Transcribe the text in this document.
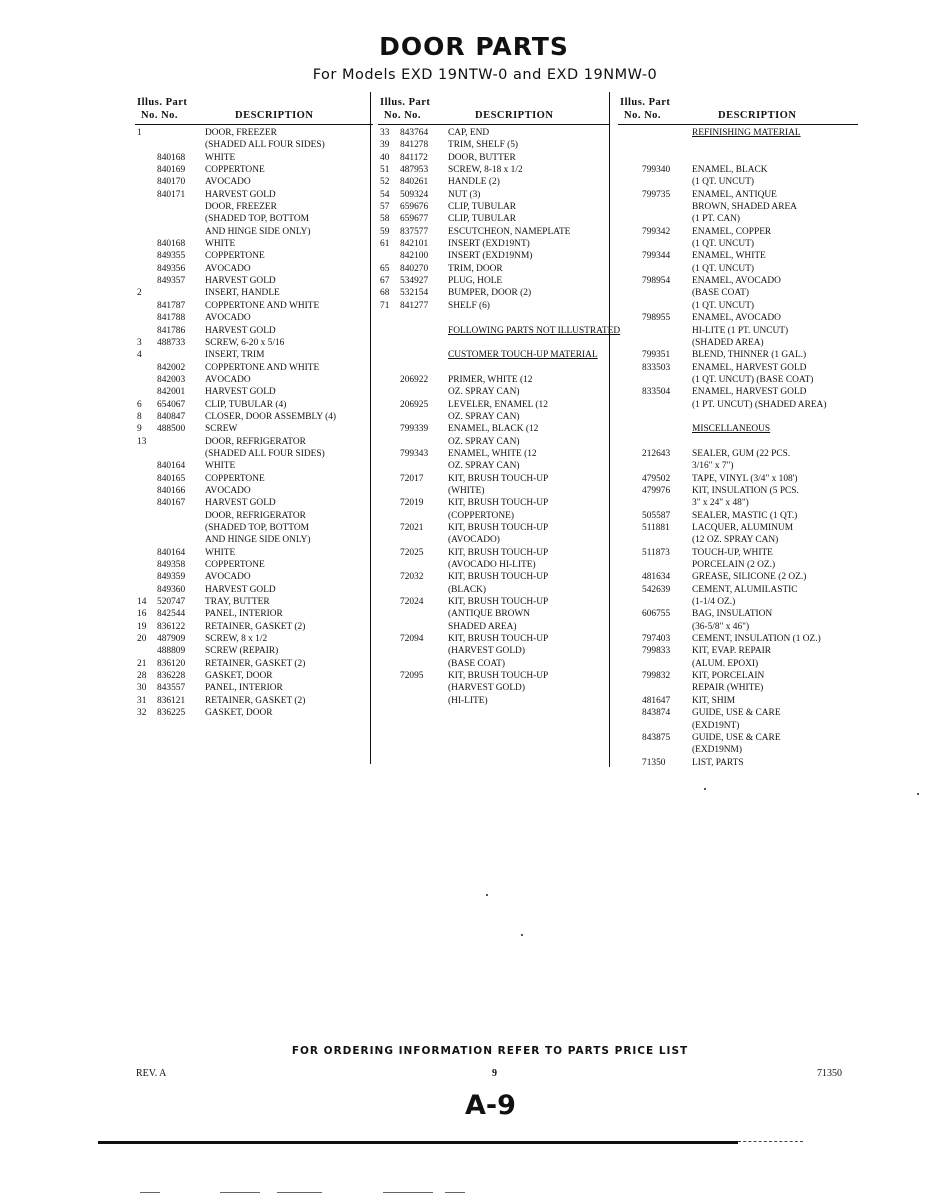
DOOR PARTS
For Models EXD 19NTW-0 and EXD 19NMW-0
Illus. Part
No. No.	DESCRIPTION
1	DOOR, FREEZER
(SHADED ALL FOUR SIDES)
840168 WHITE
840169 COPPERTONE
840170 AVOCADO
840171 HARVEST GOLD
DOOR, FREEZER
(SHADED TOP, BOTTOM
AND HINGE SIDE ONLY)
840168 WHITE
849355 COPPERTONE
849356 AVOCADO
849357 HARVEST GOLD
2	INSERT, HANDLE
841787 COPPERTONE AND WHITE
841788 AVOCADO
841786 HARVEST GOLD
3 488733 SCREW, 6-20 x 5/16
4	INSERT, TRIM
842002 COPPERTONE AND WHITE
842003 AVOCADO
842001 HARVEST GOLD
6 654067 CLIP, TUBULAR (4)
8 840847 CLOSER, DOOR ASSEMBLY (4)
9 488500 SCREW
13	DOOR, REFRIGERATOR
(SHADED ALL FOUR SIDES)
840164 WHITE
840165 COPPERTONE
840166 AVOCADO
840167 HARVEST GOLD
DOOR, REFRIGERATOR
(SHADED TOP, BOTTOM
AND HINGE SIDE ONLY)
840164 WHITE
849358 COPPERTONE
849359 AVOCADO
849360 HARVEST GOLD
14 520747 TRAY, BUTTER
16 842544 PANEL, INTERIOR
19 836122 RETAINER, GASKET (2)
20 487909 SCREW, 8 x 1/2
488809 SCREW (REPAIR)
21 836120 RETAINER, GASKET (2)
28 836228 GASKET, DOOR
30 843557 PANEL, INTERIOR
31 836121 RETAINER, GASKET (2)
32 836225 GASKET, DOOR
Illus. Part
No. No.	DESCRIPTION
33 843764 CAP, END
39 841278 TRIM, SHELF (5)
40 841172 DOOR, BUTTER
51 487953 SCREW, 8-18 x 1/2
52 840261 HANDLE (2)
54 509324 NUT (3)
57 659676 CLIP, TUBULAR
58 659677 CLIP, TUBULAR
59 837577 ESCUTCHEON, NAMEPLATE
61 842101 INSERT (EXD19NT)
842100 INSERT (EXD19NM)
65 840270 TRIM, DOOR
67 534927 PLUG, HOLE
68 532154 BUMPER, DOOR (2)
71 841277 SHELF (6)
FOLLOWING PARTS NOT ILLUSTRATED
CUSTOMER TOUCH-UP MATERIAL
206922 PRIMER, WHITE (12
OZ. SPRAY CAN)
206925 LEVELER, ENAMEL (12
OZ. SPRAY CAN)
799339 ENAMEL, BLACK (12
OZ. SPRAY CAN)
799343 ENAMEL, WHITE (12
OZ. SPRAY CAN)
72017	KIT, BRUSH TOUCH-UP
(WHITE)
72019	KIT, BRUSH TOUCH-UP
(COPPERTONE)
72021	KIT, BRUSH TOUCH-UP
(AVOCADO)
72025	KIT, BRUSH TOUCH-UP
(AVOCADO HI-LITE)
72032	KIT, BRUSH TOUCH-UP
(BLACK)
72024	KIT, BRUSH TOUCH-UP
(ANTIQUE BROWN
SHADED AREA)
72094	KIT, BRUSH TOUCH-UP
(HARVEST GOLD)
(BASE COAT)
72095	KIT, BRUSH TOUCH-UP
(HARVEST GOLD)
(HI-LITE)
Illus. Part
No. No.	DESCRIPTION
REFINISHING MATERIAL
799340 ENAMEL, BLACK
(1 QT. UNCUT)
799735 ENAMEL, ANTIQUE
BROWN, SHADED AREA
(1 PT. CAN)
799342 ENAMEL, COPPER
(1 QT. UNCUT)
799344 ENAMEL, WHITE
(1 QT. UNCUT)
798954 ENAMEL, AVOCADO
(BASE COAT)
(1 QT. UNCUT)
798955 ENAMEL, AVOCADO
HI-LITE (1 PT. UNCUT)
(SHADED AREA)
799351 BLEND, THINNER (1 GAL.)
833503 ENAMEL, HARVEST GOLD
(1 QT. UNCUT) (BASE COAT)
833504 ENAMEL, HARVEST GOLD
(1 PT. UNCUT) (SHADED AREA)
MISCELLANEOUS
212643 SEALER, GUM (22 PCS.
3/16" x 7")
479502 TAPE, VINYL (3/4" x 108')
479976 KIT, INSULATION (5 PCS.
3" x 24" x 48")
505587 SEALER, MASTIC (1 QT.)
511881 LACQUER, ALUMINUM
(12 OZ. SPRAY CAN)
511873 TOUCH-UP, WHITE
PORCELAIN (2 OZ.)
481634 GREASE, SILICONE (2 OZ.)
542639 CEMENT, ALUMILASTIC
(1-1/4 OZ.)
606755 BAG, INSULATION
(36-5/8" x 46")
797403 CEMENT, INSULATION (1 OZ.)
799833 KIT, EVAP. REPAIR
(ALUM. EPOXI)
799832 KIT, PORCELAIN
REPAIR (WHITE)
481647 KIT, SHIM
843874 GUIDE, USE & CARE
(EXD19NT)
843875 GUIDE, USE & CARE
(EXD19NM)
71350	LIST, PARTS
FOR ORDERING INFORMATION REFER TO PARTS PRICE LIST
REV. A	9	71350
A-9
